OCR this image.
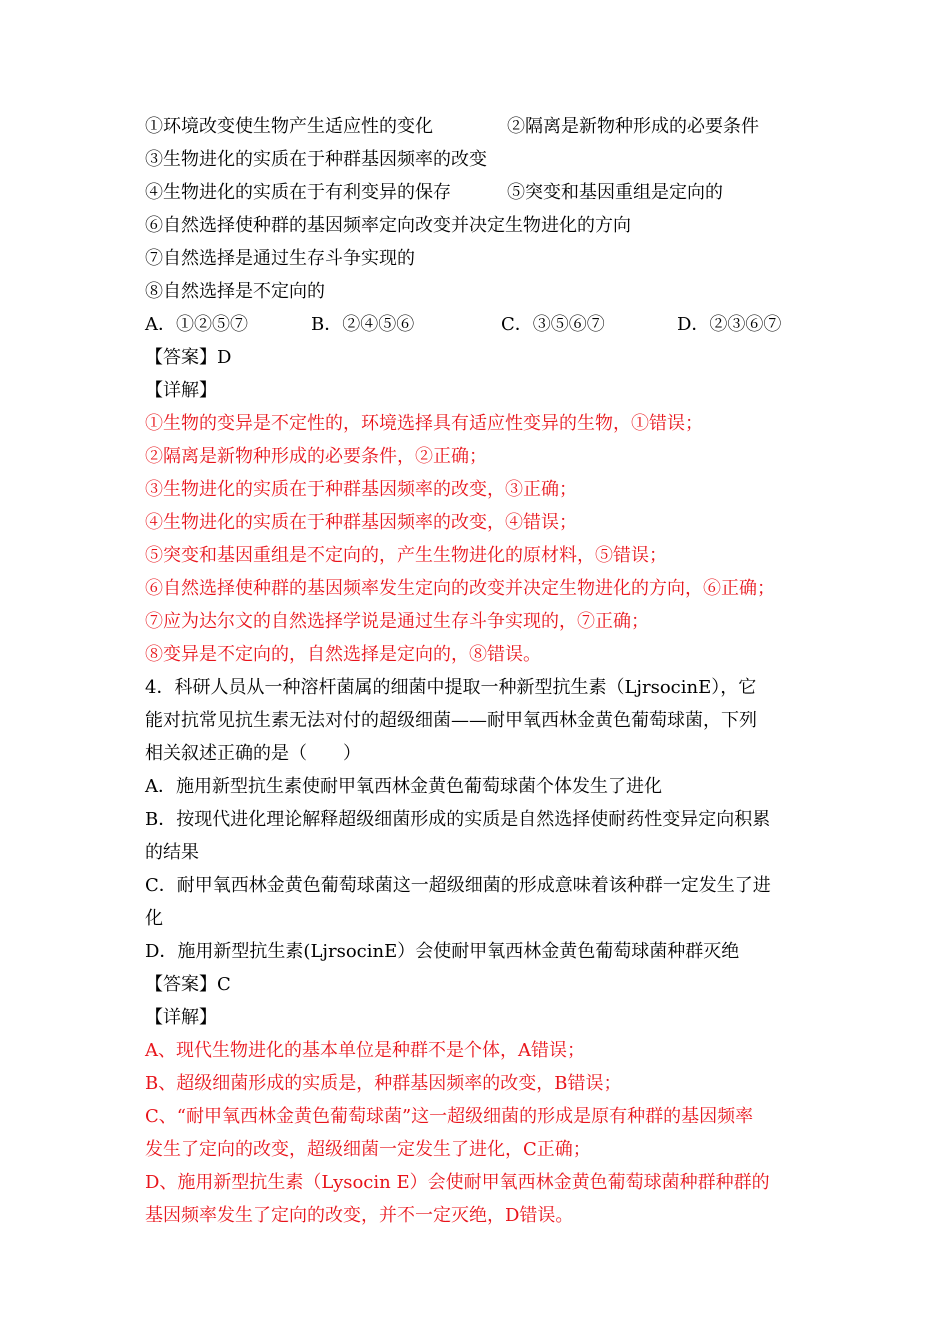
①环境改变使生物产生适应性的变化	②隔离是新物种形成的必要条件
③生物进化的实质在于种群基因频率的改变
④生物进化的实质在于有利变异的保存	⑤突变和基因重组是定向的
⑥自然选择使种群的基因频率定向改变并决定生物进化的方向
⑦自然选择是通过生存斗争实现的
⑧自然选择是不定向的
A．①②⑤⑦	B．②④⑤⑥	C．③⑤⑥⑦	D．②③⑥⑦
【答案】D
【详解】
①生物的变异是不定性的，环境选择具有适应性变异的生物，①错误；
②隔离是新物种形成的必要条件，②正确；
③生物进化的实质在于种群基因频率的改变，③正确；
④生物进化的实质在于种群基因频率的改变，④错误；
⑤突变和基因重组是不定向的，产生生物进化的原材料，⑤错误；
⑥自然选择使种群的基因频率发生定向的改变并决定生物进化的方向，⑥正确；
⑦应为达尔文的自然选择学说是通过生存斗争实现的，⑦正确；
⑧变异是不定向的，自然选择是定向的，⑧错误。
4．科研人员从一种溶杆菌属的细菌中提取一种新型抗生素（LjrsocinE），它
能对抗常见抗生素无法对付的超级细菌——耐甲氧西林金黄色葡萄球菌，下列
相关叙述正确的是（　　）
A．施用新型抗生素使耐甲氧西林金黄色葡萄球菌个体发生了进化
B．按现代进化理论解释超级细菌形成的实质是自然选择使耐药性变异定向积累
的结果
C．耐甲氧西林金黄色葡萄球菌这一超级细菌的形成意味着该种群一定发生了进
化
D．施用新型抗生素(LjrsocinE）会使耐甲氧西林金黄色葡萄球菌种群灭绝
【答案】C
【详解】
A、现代生物进化的基本单位是种群不是个体，A错误；
B、超级细菌形成的实质是，种群基因频率的改变，B错误；
C、“耐甲氧西林金黄色葡萄球菌”这一超级细菌的形成是原有种群的基因频率
发生了定向的改变，超级细菌一定发生了进化，C正确；
D、施用新型抗生素（Lysocin E）会使耐甲氧西林金黄色葡萄球菌种群种群的
基因频率发生了定向的改变，并不一定灭绝，D错误。
